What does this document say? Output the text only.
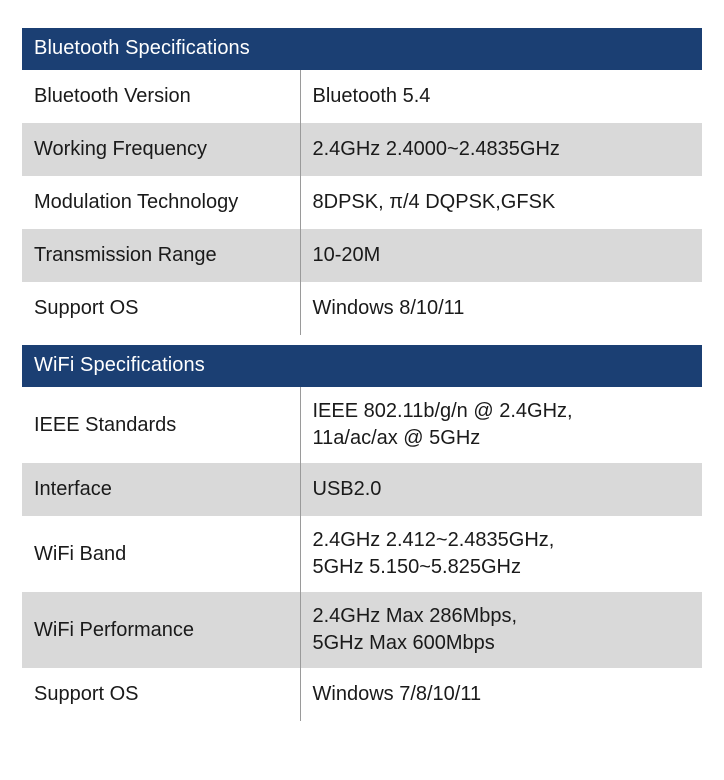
Bluetooth Specifications	
Bluetooth Version	Bluetooth 5.4

Working Frequency	2.4GHz 2.4000~2.4835GHz

Modulation Technology	8DPSK, π/4 DQPSK,GFSK

Transmission Range	10-20M

Support OS	Windows 8/10/11

WiFi Specifications	
IEEE Standards	IEEE 802.11b/g/n @ 2.4GHz,
11a/ac/ax @ 5GHz

Interface	USB2.0

WiFi Band	2.4GHz 2.412~2.4835GHz,
5GHz 5.150~5.825GHz

WiFi Performance	2.4GHz Max 286Mbps,
5GHz Max 600Mbps

Support OS	Windows 7/8/10/11
